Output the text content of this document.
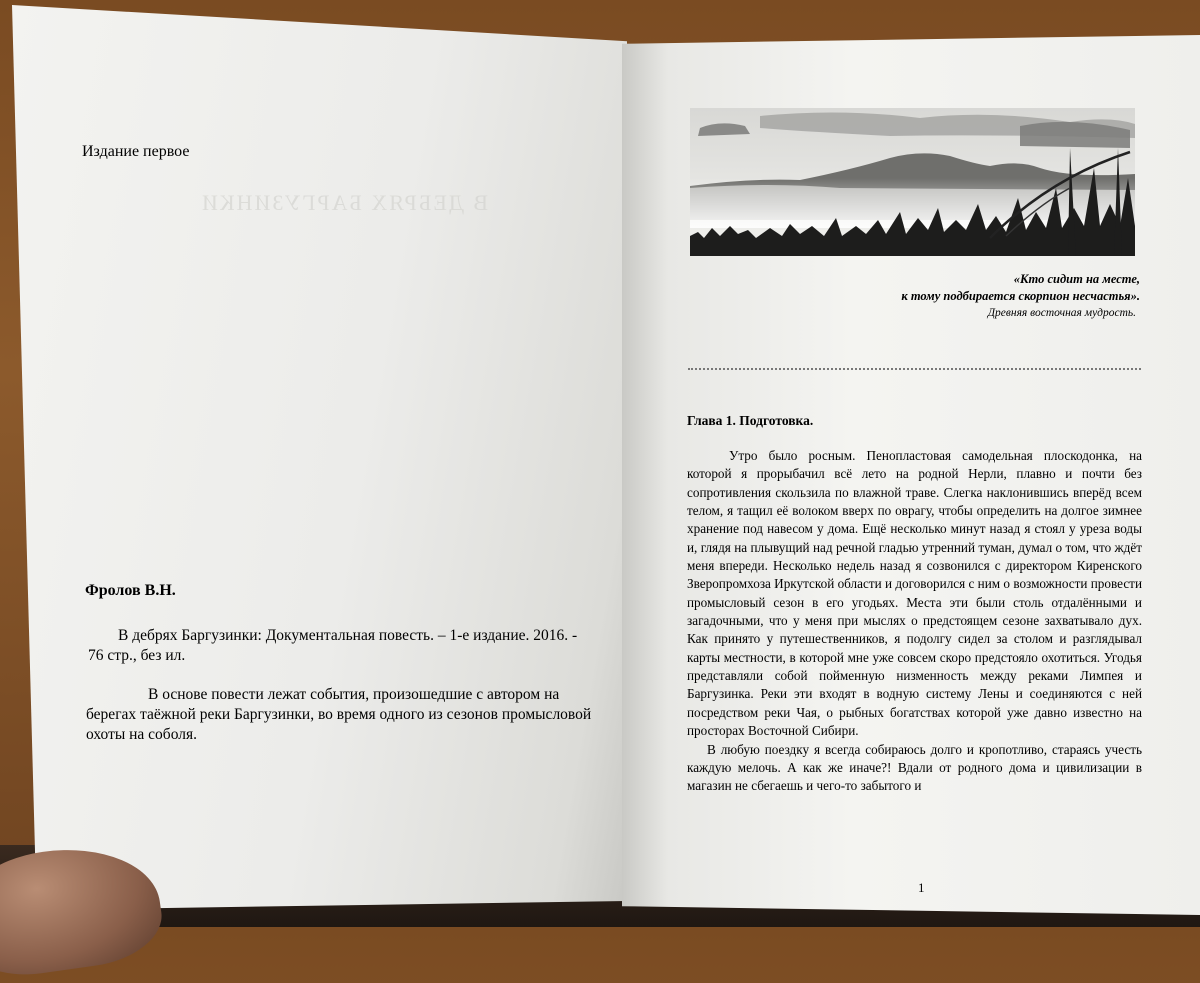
В ДЕБРЯХ БАРГУЗИНКИ
Издание первое
Фролов В.Н.
В дебрях Баргузинки: Документальная повесть. – 1-е издание. 2016. - 76 стр., без ил.
В основе повести лежат события, произошедшие с автором на берегах таёжной реки Баргузинки, во время одного из сезонов промысловой охоты на соболя.
«Кто сидит на месте,
к тому подбирается скорпион несчастья».
Древняя восточная мудрость.
Глава 1. Подготовка.

Утро было росным. Пенопластовая самодельная плоскодонка, на которой я прорыбачил всё лето на родной Нерли, плавно и почти без сопротивления скользила по влажной траве. Слегка наклонившись вперёд всем телом, я тащил её волоком вверх по оврагу, чтобы определить на долгое зимнее хранение под навесом у дома. Ещё несколько минут назад я стоял у уреза воды и, глядя на плывущий над речной гладью утренний туман, думал о том, что ждёт меня впереди. Несколько недель назад я созвонился с директором Киренского Зверопромхоза Иркутской области и договорился с ним о возможности провести промысловый сезон в его угодьях. Места эти были столь отдалёнными и загадочными, что у меня при мыслях о предстоящем сезоне захватывало дух. Как принято у путешественников, я подолгу сидел за столом и разглядывал карты местности, в которой мне уже совсем скоро предстояло охотиться. Угодья представляли собой пойменную низменность между реками Лимпея и Баргузинка. Реки эти входят в водную систему Лены и соединяются с ней посредством реки Чая, о рыбных богатствах которой уже давно известно на просторах Восточной Сибири.

В любую поездку я всегда собираюсь долго и кропотливо, стараясь учесть каждую мелочь. А как же иначе?! Вдали от родного дома и цивилизации в магазин не сбегаешь и чего-то забытого и

1
